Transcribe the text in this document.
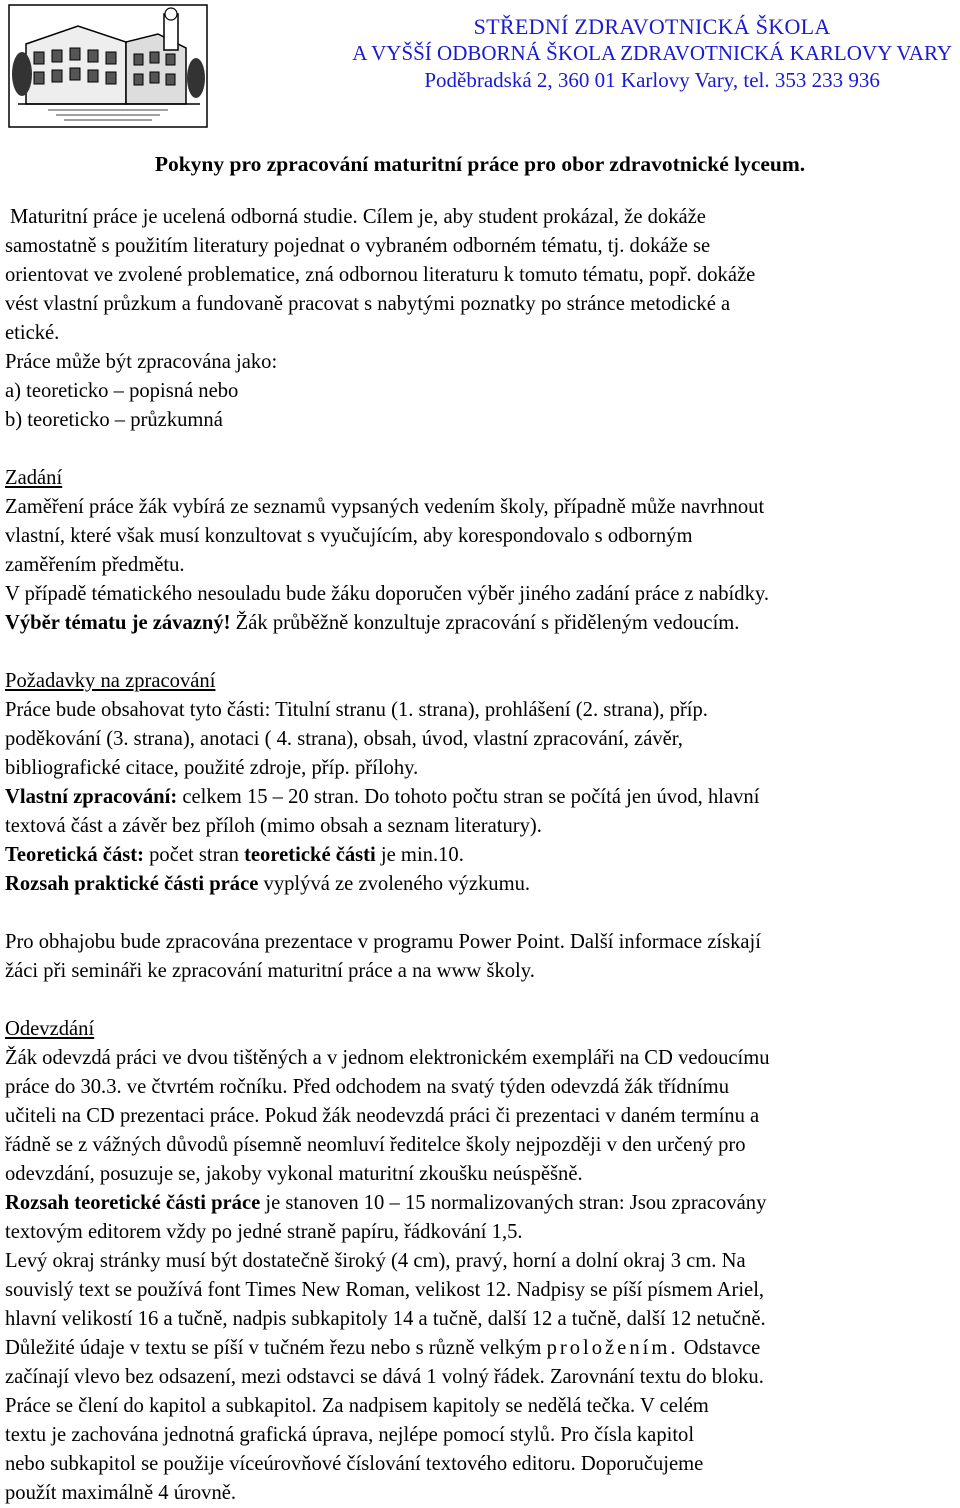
STŘEDNÍ ZDRAVOTNICKÁ ŠKOLA
A VYŠŠÍ ODBORNÁ ŠKOLA ZDRAVOTNICKÁ KARLOVY VARY
Poděbradská 2, 360 01 Karlovy Vary, tel. 353 233 936
Pokyny pro zpracování maturitní práce pro obor zdravotnické lyceum.

Maturitní práce je ucelená odborná studie. Cílem je, aby student prokázal, že dokáže

samostatně s použitím literatury pojednat o vybraném odborném tématu, tj. dokáže se

orientovat ve zvolené problematice, zná odbornou literaturu k tomuto tématu, popř. dokáže

vést vlastní průzkum a fundovaně pracovat s nabytými poznatky po stránce metodické a

etické.

Práce může být zpracována jako:

a) teoreticko – popisná nebo

b) teoreticko – průzkumná

Zadání

Zaměření práce žák vybírá ze seznamů vypsaných vedením školy, případně může navrhnout

vlastní, které však musí konzultovat s vyučujícím, aby korespondovalo s odborným

zaměřením předmětu.

V případě tématického nesouladu bude žáku doporučen výběr jiného zadání práce z nabídky.

Výběr tématu je závazný! Žák průběžně konzultuje zpracování s přiděleným vedoucím.

Požadavky na zpracování

Práce bude obsahovat tyto části: Titulní stranu (1. strana), prohlášení (2. strana), příp.

poděkování (3. strana), anotaci ( 4. strana), obsah, úvod, vlastní zpracování, závěr,

bibliografické citace, použité zdroje, příp. přílohy.

Vlastní zpracování: celkem 15 – 20 stran. Do tohoto počtu stran se počítá jen úvod, hlavní

textová část a závěr bez příloh (mimo obsah a seznam literatury).

Teoretická část: počet stran teoretické části je min.10.

Rozsah praktické části práce vyplývá ze zvoleného výzkumu.

Pro obhajobu bude zpracována prezentace v programu Power Point. Další informace získají

žáci při semináři ke zpracování maturitní práce a na www školy.

Odevzdání

Žák odevzdá práci ve dvou tištěných a v jednom elektronickém exempláři na CD vedoucímu

práce do 30.3. ve čtvrtém ročníku. Před odchodem na svatý týden odevzdá žák třídnímu

učiteli na CD prezentaci práce. Pokud žák neodevzdá práci či prezentaci v daném termínu a

řádně se z vážných důvodů písemně neomluví ředitelce školy nejpozději v den určený pro

odevzdání, posuzuje se, jakoby vykonal maturitní zkoušku neúspěšně.

Rozsah teoretické části práce je stanoven 10 – 15 normalizovaných stran: Jsou zpracovány

textovým editorem vždy po jedné straně papíru, řádkování 1,5.

Levý okraj stránky musí být dostatečně široký (4 cm), pravý, horní a dolní okraj 3 cm. Na

souvislý text se používá font Times New Roman, velikost 12. Nadpisy se píší písmem Ariel,

hlavní velikostí 16 a tučně, nadpis subkapitoly 14 a tučně, další 12 a tučně, další 12 netučně.

Důležité údaje v textu se píší v tučném řezu nebo s různě velkým proložením. Odstavce

začínají vlevo bez odsazení, mezi odstavci se dává 1 volný řádek. Zarovnání textu do bloku.

Práce se člení do kapitol a subkapitol. Za nadpisem kapitoly se nedělá tečka. V celém

textu je zachována jednotná grafická úprava, nejlépe pomocí stylů. Pro čísla kapitol

nebo subkapitol se použije víceúrovňové číslování textového editoru. Doporučujeme

použít maximálně 4 úrovně.
